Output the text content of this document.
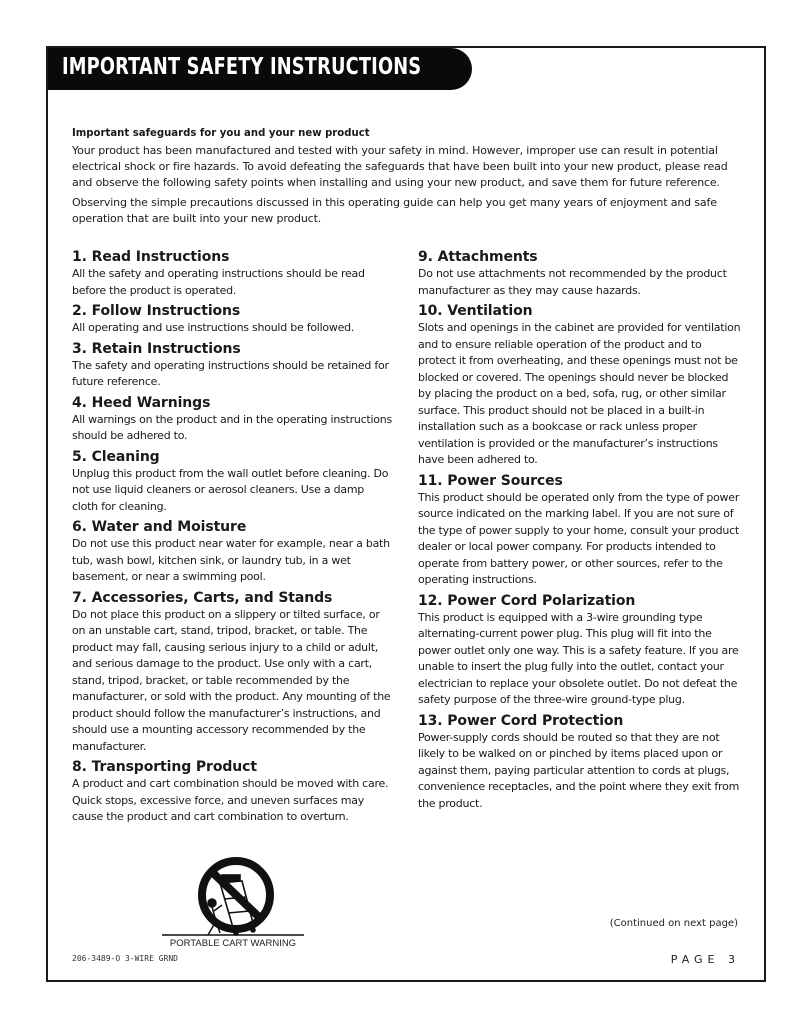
IMPORTANT SAFETY INSTRUCTIONS
Important safeguards for you and your new product

Your product has been manufactured and tested with your safety in mind. However, improper use can result in potential electrical shock or fire hazards. To avoid defeating the safeguards that have been built into your new product, please read and observe the following safety points when installing and using your new product, and save them for future reference.

Observing the simple precautions discussed in this operating guide can help you get many years of enjoyment and safe operation that are built into your new product.

1. Read Instructions

All the safety and operating instructions should be read before the product is operated.

2. Follow Instructions

All operating and use instructions should be followed.

3. Retain Instructions

The safety and operating instructions should be retained for future reference.

4. Heed Warnings

All warnings on the product and in the operating instructions should be adhered to.

5. Cleaning

Unplug this product from the wall outlet before cleaning. Do not use liquid cleaners or aerosol cleaners. Use a damp cloth for cleaning.

6. Water and Moisture

Do not use this product near water for example, near a bath tub, wash bowl, kitchen sink, or laundry tub, in a wet basement, or near a swimming pool.

7. Accessories, Carts, and Stands

Do not place this product on a slippery or tilted surface, or on an unstable cart, stand, tripod, bracket, or table. The product may fall, causing serious injury to a child or adult, and serious damage to the product. Use only with a cart, stand, tripod, bracket, or table recommended by the manufacturer, or sold with the product. Any mounting of the product should follow the manufacturer’s instructions, and should use a mounting accessory recommended by the manufacturer.

8. Transporting Product

A product and cart combination should be moved with care. Quick stops, excessive force, and uneven surfaces may cause the product and cart combination to overturn.

9. Attachments

Do not use attachments not recommended by the product manufacturer as they may cause hazards.

10. Ventilation

Slots and openings in the cabinet are provided for ventilation and to ensure reliable operation of the product and to protect it from overheating, and these openings must not be blocked or covered. The openings should never be blocked by placing the product on a bed, sofa, rug, or other similar surface. This product should not be placed in a built-in installation such as a bookcase or rack unless proper ventilation is provided or the manufacturer’s instructions have been adhered to.

11. Power Sources

This product should be operated only from the type of power source indicated on the marking label. If you are not sure of the type of power supply to your home, consult your product dealer or local power company. For products intended to operate from battery power, or other sources, refer to the operating instructions.

12. Power Cord Polarization

This product is equipped with a 3-wire grounding type alternating-current power plug. This plug will fit into the power outlet only one way. This is a safety feature. If you are unable to insert the plug fully into the outlet, contact your electrician to replace your obsolete outlet. Do not defeat the safety purpose of the three-wire ground-type plug.

13. Power Cord Protection

Power-supply cords should be routed so that they are not likely to be walked on or pinched by items placed upon or against them, paying particular attention to cords at plugs, convenience receptacles, and the point where they exit from the product.

PORTABLE CART WARNING
206-3489-O 3-WIRE GRND
(Continued on next page)
PAGE 3
